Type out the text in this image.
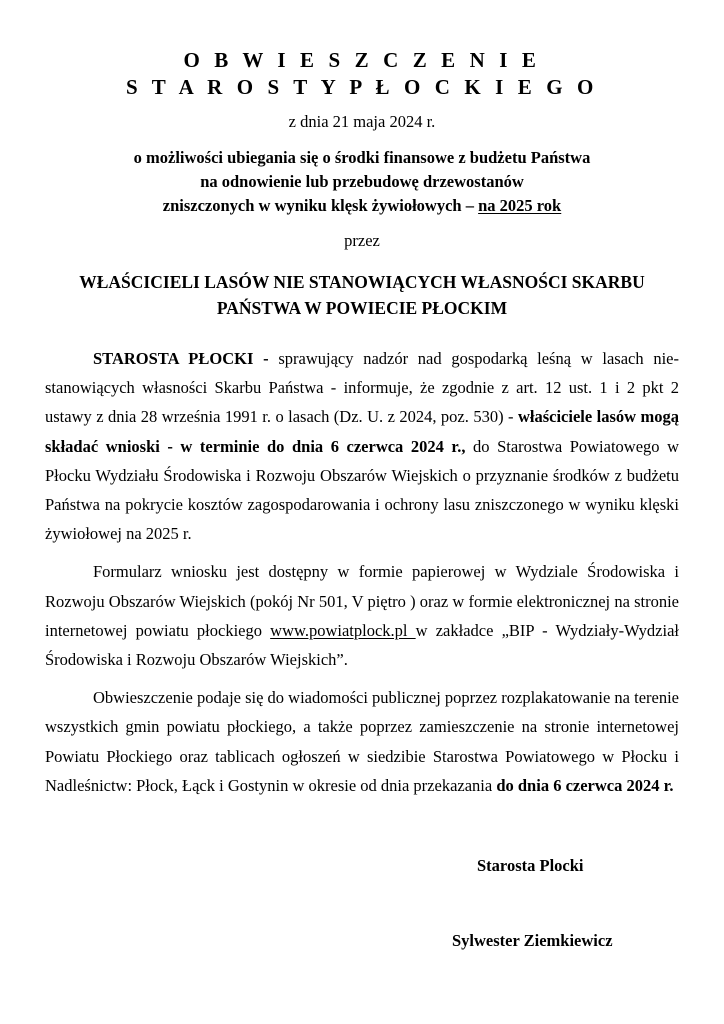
O B W I E S Z C Z E N I E
S T A R O S T Y P Ł O C K I E G O
z dnia 21 maja 2024 r.
o możliwości ubiegania się o środki finansowe z budżetu Państwa
na odnowienie lub przebudowę drzewostanów
zniszczonych w wyniku klęsk żywiołowych – na 2025 rok
przez
WŁAŚCICIELI LASÓW NIE STANOWIĄCYCH WŁASNOŚCI SKARBU
PAŃSTWA W POWIECIE PŁOCKIM

STAROSTA PŁOCKI - sprawujący nadzór nad gospodarką leśną w lasach nie-stanowiących własności Skarbu Państwa - informuje, że zgodnie z art. 12 ust. 1 i 2 pkt 2 ustawy z dnia 28 września 1991 r. o lasach (Dz. U. z 2024, poz. 530) - właściciele lasów mogą składać wnioski - w terminie do dnia 6 czerwca 2024 r., do Starostwa Powiatowego w Płocku Wydziału Środowiska i Rozwoju Obszarów Wiejskich o przyznanie środków z budżetu Państwa na pokrycie kosztów zagospodarowania i ochrony lasu zniszczonego w wyniku klęski żywiołowej na 2025 r.

Formularz wniosku jest dostępny w formie papierowej w Wydziale Środowiska i Rozwoju Obszarów Wiejskich (pokój Nr 501, V piętro ) oraz w formie elektronicznej na stronie internetowej powiatu płockiego www.powiatplock.pl w zakładce „BIP - Wydziały-Wydział Środowiska i Rozwoju Obszarów Wiejskich”.

Obwieszczenie podaje się do wiadomości publicznej poprzez rozplakatowanie na terenie wszystkich gmin powiatu płockiego, a także poprzez zamieszczenie na stronie internetowej Powiatu Płockiego oraz tablicach ogłoszeń w siedzibie Starostwa Powiatowego w Płocku i Nadleśnictw: Płock, Łąck i Gostynin w okresie od dnia przekazania do dnia 6 czerwca 2024 r.

Starosta Plocki
Sylwester Ziemkiewicz
